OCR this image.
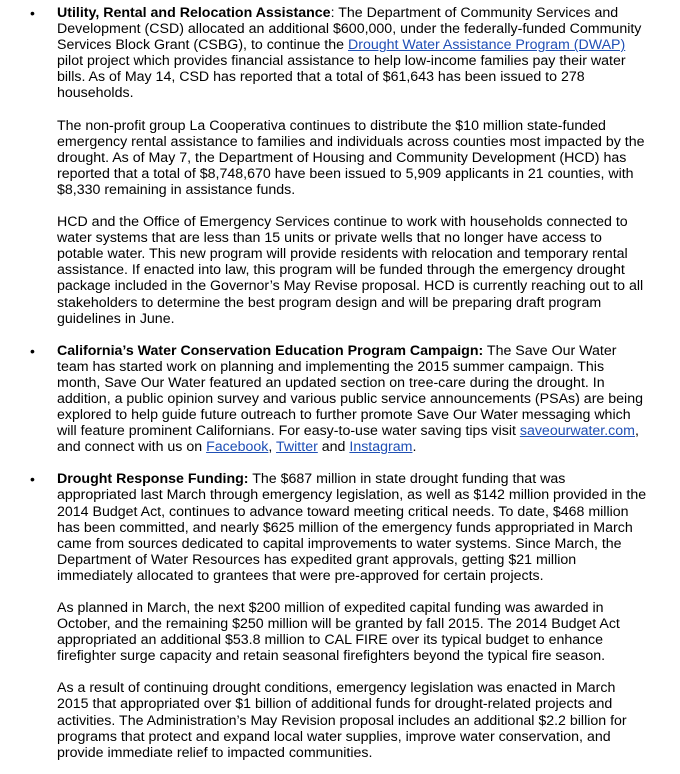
• Utility, Rental and Relocation Assistance: The Department of Community Services and Development (CSD) allocated an additional $600,000, under the federally-funded Community Services Block Grant (CSBG), to continue the Drought Water Assistance Program (DWAP) pilot project which provides financial assistance to help low-income families pay their water bills. As of May 14, CSD has reported that a total of $61,643 has been issued to 278 households.

The non-profit group La Cooperativa continues to distribute the $10 million state-funded emergency rental assistance to families and individuals across counties most impacted by the drought. As of May 7, the Department of Housing and Community Development (HCD) has reported that a total of $8,748,670 have been issued to 5,909 applicants in 21 counties, with $8,330 remaining in assistance funds.

HCD and the Office of Emergency Services continue to work with households connected to water systems that are less than 15 units or private wells that no longer have access to potable water. This new program will provide residents with relocation and temporary rental assistance. If enacted into law, this program will be funded through the emergency drought package included in the Governor’s May Revise proposal. HCD is currently reaching out to all stakeholders to determine the best program design and will be preparing draft program guidelines in June.

• California’s Water Conservation Education Program Campaign: The Save Our Water team has started work on planning and implementing the 2015 summer campaign. This month, Save Our Water featured an updated section on tree-care during the drought. In addition, a public opinion survey and various public service announcements (PSAs) are being explored to help guide future outreach to further promote Save Our Water messaging which will feature prominent Californians. For easy-to-use water saving tips visit saveourwater.com, and connect with us on Facebook, Twitter and Instagram.

• Drought Response Funding: The $687 million in state drought funding that was appropriated last March through emergency legislation, as well as $142 million provided in the 2014 Budget Act, continues to advance toward meeting critical needs. To date, $468 million has been committed, and nearly $625 million of the emergency funds appropriated in March came from sources dedicated to capital improvements to water systems. Since March, the Department of Water Resources has expedited grant approvals, getting $21 million immediately allocated to grantees that were pre-approved for certain projects.

As planned in March, the next $200 million of expedited capital funding was awarded in October, and the remaining $250 million will be granted by fall 2015. The 2014 Budget Act appropriated an additional $53.8 million to CAL FIRE over its typical budget to enhance firefighter surge capacity and retain seasonal firefighters beyond the typical fire season.

As a result of continuing drought conditions, emergency legislation was enacted in March 2015 that appropriated over $1 billion of additional funds for drought-related projects and activities. The Administration’s May Revision proposal includes an additional $2.2 billion for programs that protect and expand local water supplies, improve water conservation, and provide immediate relief to impacted communities.
